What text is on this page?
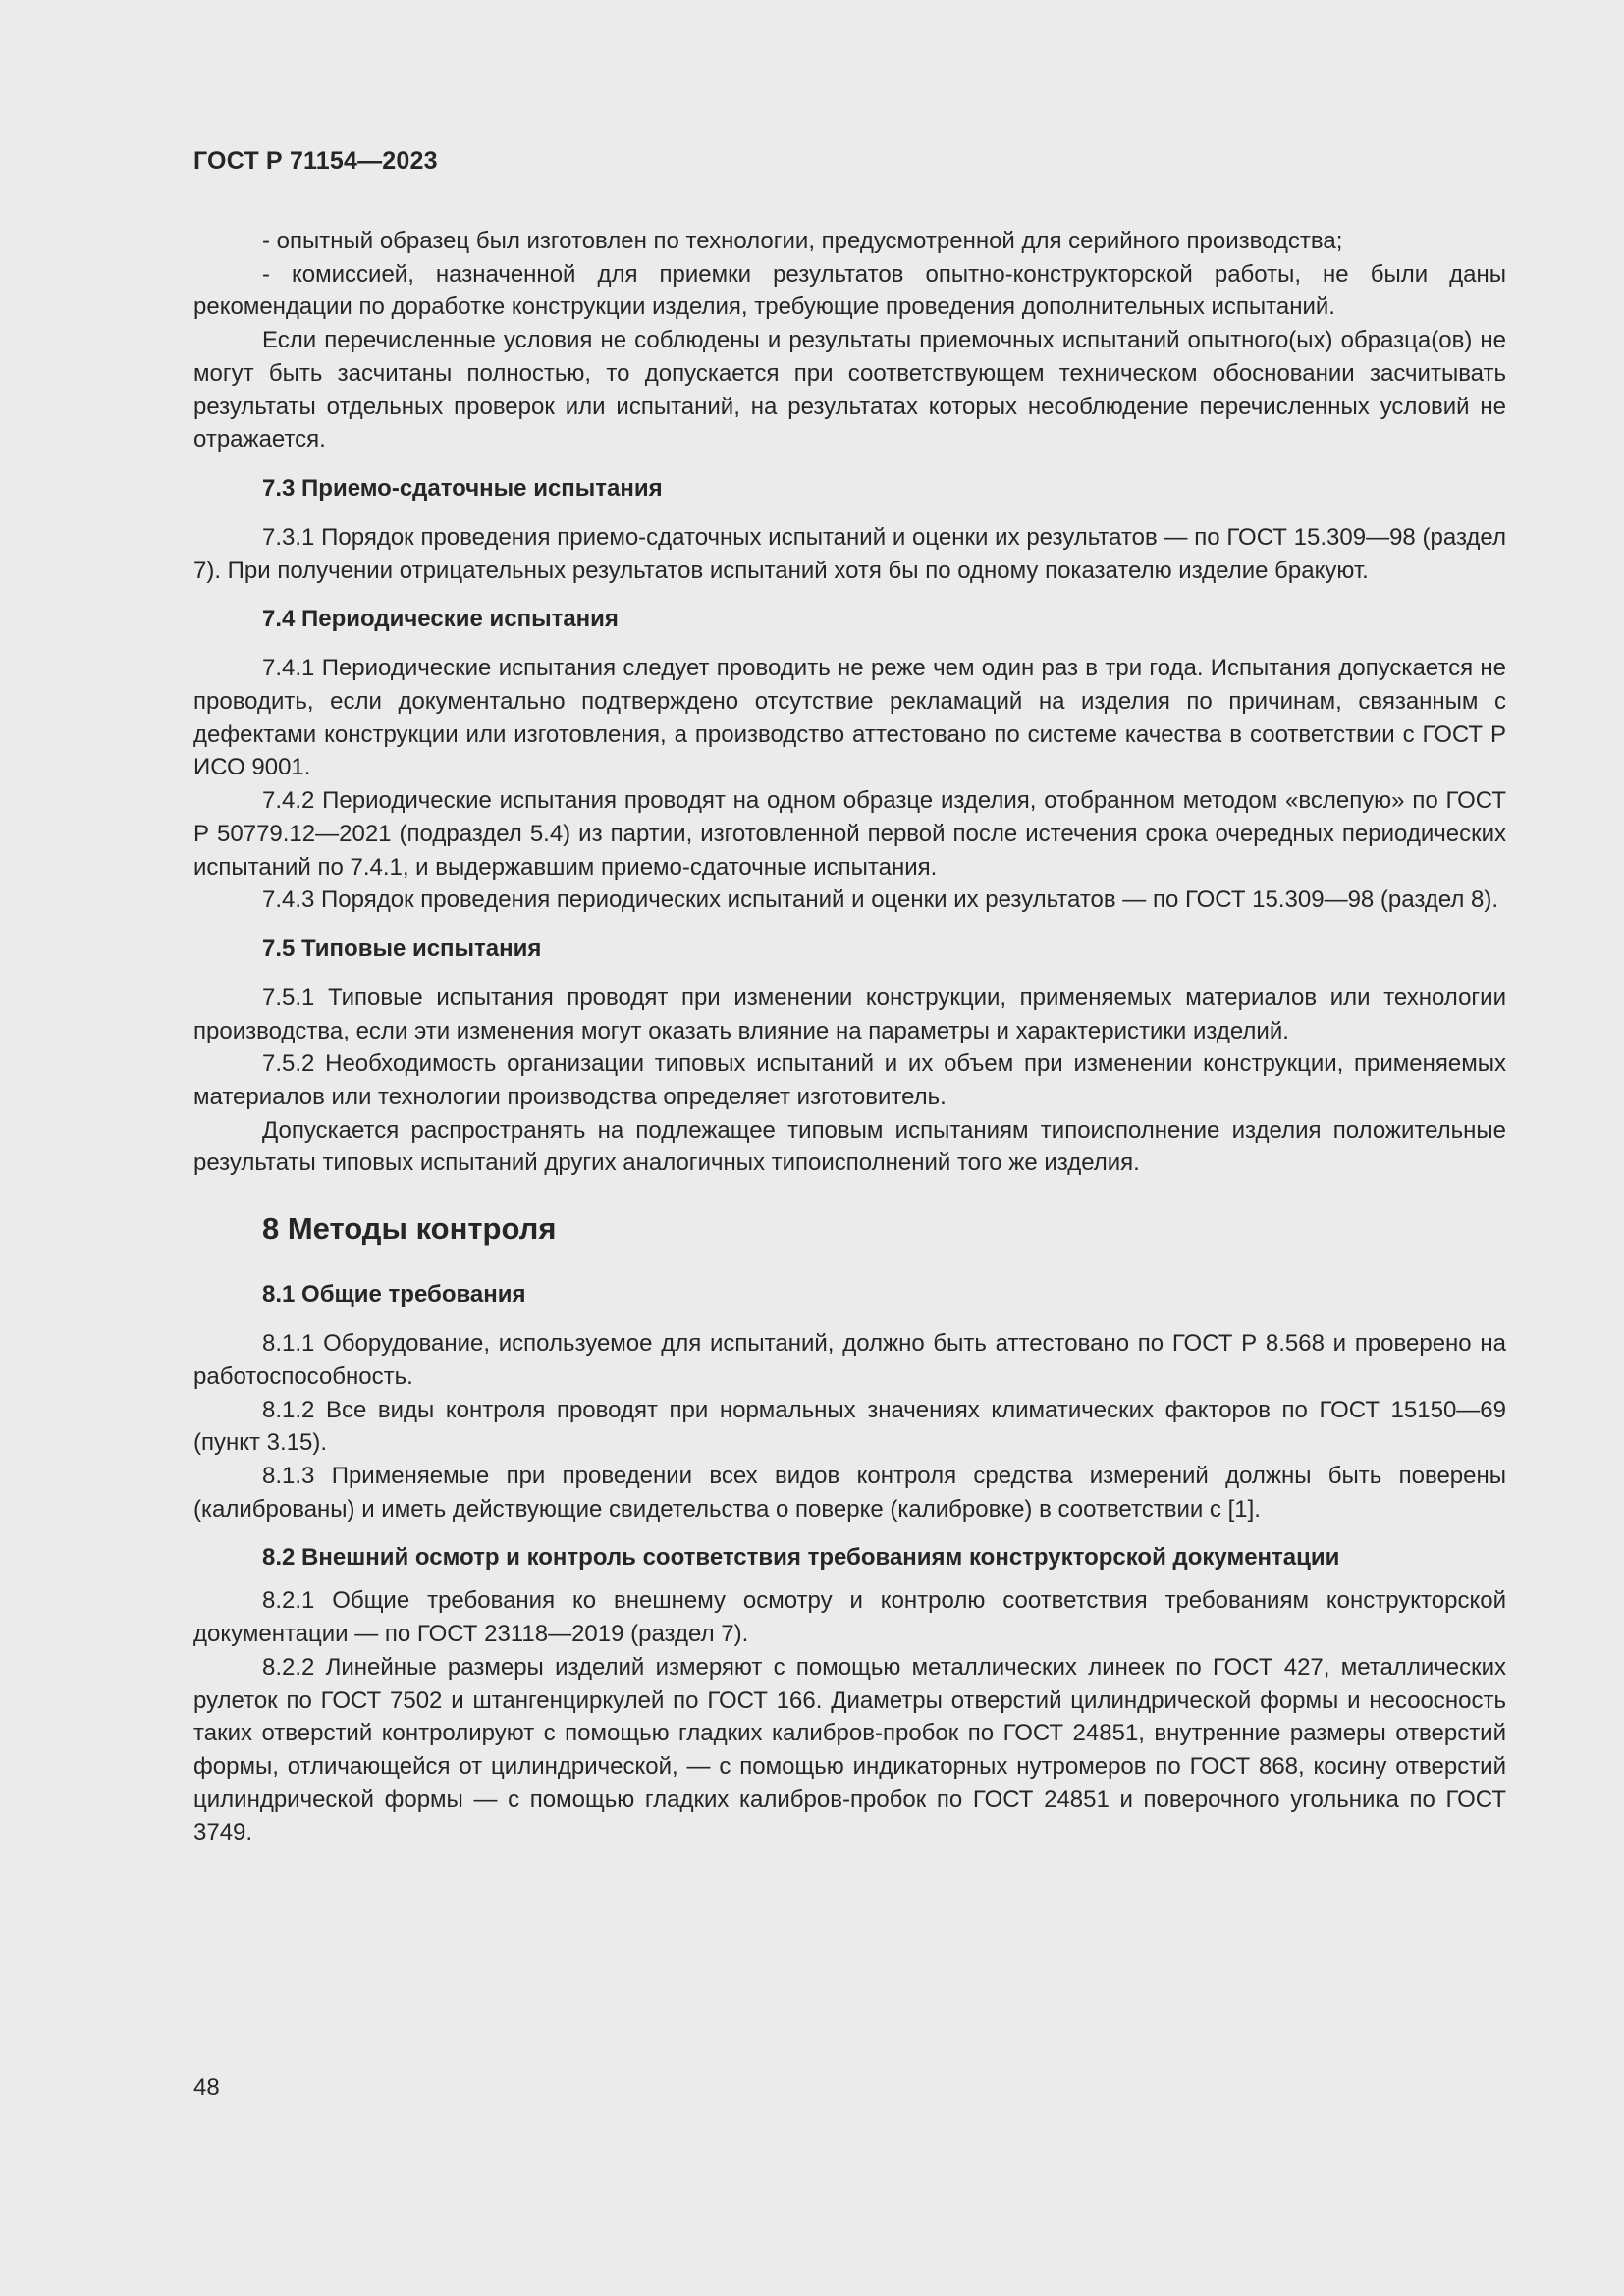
ГОСТ Р 71154—2023

- опытный образец был изготовлен по технологии, предусмотренной для серийного производства;

- комиссией, назначенной для приемки результатов опытно-конструкторской работы, не были даны рекомендации по доработке конструкции изделия, требующие проведения дополнительных испытаний.

Если перечисленные условия не соблюдены и результаты приемочных испытаний опытного(ых) образца(ов) не могут быть засчитаны полностью, то допускается при соответствующем техническом обосновании засчитывать результаты отдельных проверок или испытаний, на результатах которых несоблюдение перечисленных условий не отражается.

7.3 Приемо-сдаточные испытания

7.3.1 Порядок проведения приемо-сдаточных испытаний и оценки их результатов — по ГОСТ 15.309—98 (раздел 7). При получении отрицательных результатов испытаний хотя бы по одному показателю изделие бракуют.

7.4 Периодические испытания

7.4.1 Периодические испытания следует проводить не реже чем один раз в три года. Испытания допускается не проводить, если документально подтверждено отсутствие рекламаций на изделия по причинам, связанным с дефектами конструкции или изготовления, а производство аттестовано по системе качества в соответствии с ГОСТ Р ИСО 9001.

7.4.2 Периодические испытания проводят на одном образце изделия, отобранном методом «вслепую» по ГОСТ Р 50779.12—2021 (подраздел 5.4) из партии, изготовленной первой после истечения срока очередных периодических испытаний по 7.4.1, и выдержавшим приемо-сдаточные испытания.

7.4.3 Порядок проведения периодических испытаний и оценки их результатов — по ГОСТ 15.309—98 (раздел 8).

7.5 Типовые испытания

7.5.1 Типовые испытания проводят при изменении конструкции, применяемых материалов или технологии производства, если эти изменения могут оказать влияние на параметры и характеристики изделий.

7.5.2 Необходимость организации типовых испытаний и их объем при изменении конструкции, применяемых материалов или технологии производства определяет изготовитель.

Допускается распространять на подлежащее типовым испытаниям типоисполнение изделия положительные результаты типовых испытаний других аналогичных типоисполнений того же изделия.

8 Методы контроля
8.1 Общие требования

8.1.1 Оборудование, используемое для испытаний, должно быть аттестовано по ГОСТ Р 8.568 и проверено на работоспособность.

8.1.2 Все виды контроля проводят при нормальных значениях климатических факторов по ГОСТ 15150—69 (пункт 3.15).

8.1.3 Применяемые при проведении всех видов контроля средства измерений должны быть поверены (калиброваны) и иметь действующие свидетельства о поверке (калибровке) в соответствии с [1].

8.2 Внешний осмотр и контроль соответствия требованиям конструкторской документации

8.2.1 Общие требования ко внешнему осмотру и контролю соответствия требованиям конструкторской документации — по ГОСТ 23118—2019 (раздел 7).

8.2.2 Линейные размеры изделий измеряют с помощью металлических линеек по ГОСТ 427, металлических рулеток по ГОСТ 7502 и штангенциркулей по ГОСТ 166. Диаметры отверстий цилиндрической формы и несоосность таких отверстий контролируют с помощью гладких калибров-пробок по ГОСТ 24851, внутренние размеры отверстий формы, отличающейся от цилиндрической, — с помощью индикаторных нутромеров по ГОСТ 868, косину отверстий цилиндрической формы — с помощью гладких калибров-пробок по ГОСТ 24851 и поверочного угольника по ГОСТ 3749.

48
